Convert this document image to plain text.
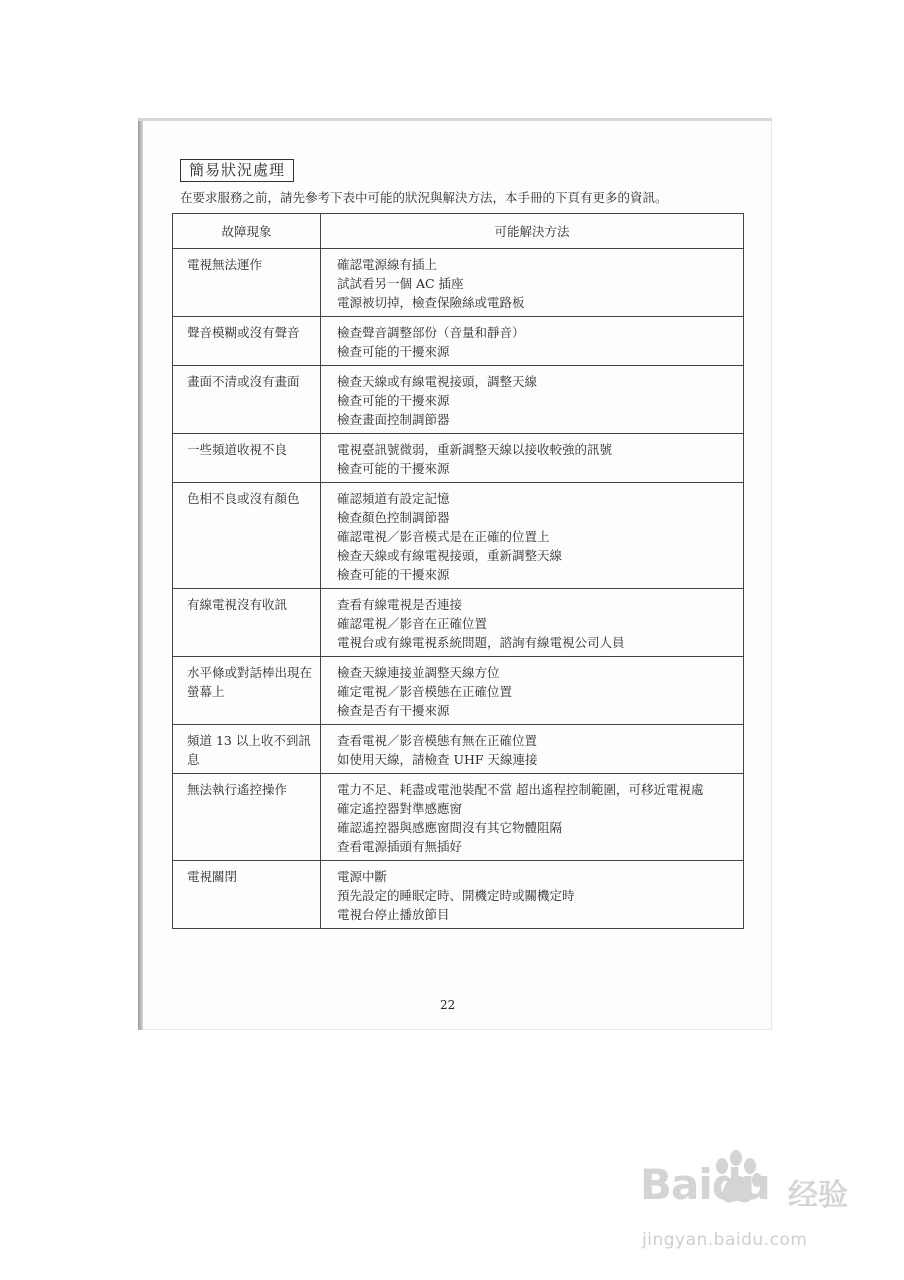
簡易狀況處理
在要求服務之前，請先參考下表中可能的狀況與解決方法，本手冊的下頁有更多的資訊。
故障現象	可能解決方法
電視無法運作	確認電源線有插上
試試看另一個 AC 插座
電源被切掉，檢查保險絲或電路板

聲音模糊或沒有聲音	檢查聲音調整部份（音量和靜音）
檢查可能的干擾來源

畫面不清或沒有畫面	檢查天線或有線電視接頭，調整天線
檢查可能的干擾來源
檢查畫面控制調節器

一些頻道收視不良	電視臺訊號微弱，重新調整天線以接收較強的訊號
檢查可能的干擾來源

色相不良或沒有顏色	確認頻道有設定記憶
檢查顏色控制調節器
確認電視／影音模式是在正確的位置上
檢查天線或有線電視接頭，重新調整天線
檢查可能的干擾來源

有線電視沒有收訊	查看有線電視是否連接
確認電視／影音在正確位置
電視台或有線電視系統問題，諮詢有線電視公司人員

水平條或對話棒出現在螢幕上	檢查天線連接並調整天線方位
確定電視／影音模態在正確位置
檢查是否有干擾來源

頻道 13 以上收不到訊息	查看電視／影音模態有無在正確位置
如使用天線，請檢查 UHF 天線連接

無法執行遙控操作	電力不足、耗盡或電池裝配不當 超出遙程控制範圍，可移近電視處
確定遙控器對準感應窗
確認遙控器與感應窗間沒有其它物體阻隔
查看電源插頭有無插好

電視關閉	電源中斷
預先設定的睡眠定時、開機定時或關機定時
電視台停止播放節目
22
Baidu 经验
jingyan.baidu.com
